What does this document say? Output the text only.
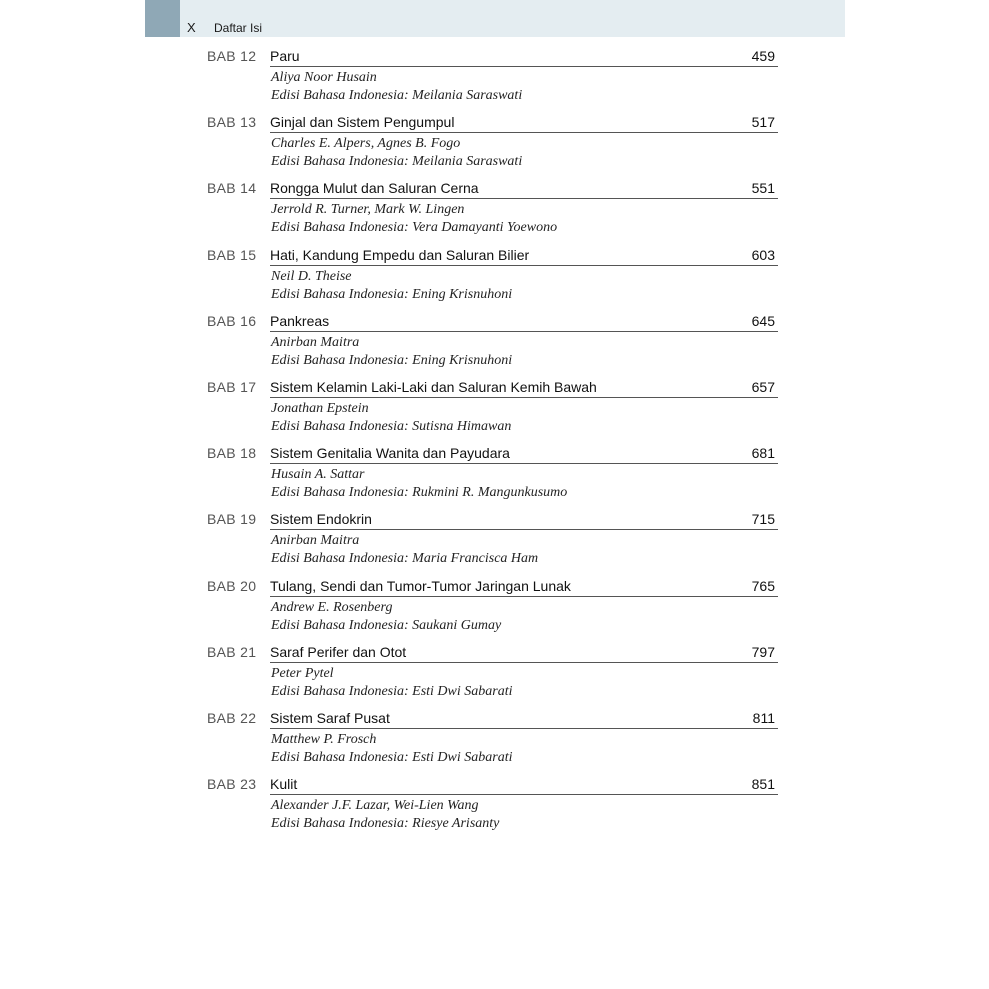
X Daftar Isi
BAB 12 Paru	459
Aliya Noor Husain
Edisi Bahasa Indonesia: Meilania Saraswati
BAB 13 Ginjal dan Sistem Pengumpul	517
Charles E. Alpers, Agnes B. Fogo
Edisi Bahasa Indonesia: Meilania Saraswati
BAB 14 Rongga Mulut dan Saluran Cerna	551
Jerrold R. Turner, Mark W. Lingen
Edisi Bahasa Indonesia: Vera Damayanti Yoewono
BAB 15 Hati, Kandung Empedu dan Saluran Bilier	603
Neil D. Theise
Edisi Bahasa Indonesia: Ening Krisnuhoni
BAB 16 Pankreas	645
Anirban Maitra
Edisi Bahasa Indonesia: Ening Krisnuhoni
BAB 17 Sistem Kelamin Laki-Laki dan Saluran Kemih Bawah	657
Jonathan Epstein
Edisi Bahasa Indonesia: Sutisna Himawan
BAB 18 Sistem Genitalia Wanita dan Payudara	681
Husain A. Sattar
Edisi Bahasa Indonesia: Rukmini R. Mangunkusumo
BAB 19 Sistem Endokrin	715
Anirban Maitra
Edisi Bahasa Indonesia: Maria Francisca Ham
BAB 20 Tulang, Sendi dan Tumor-Tumor Jaringan Lunak	765
Andrew E. Rosenberg
Edisi Bahasa Indonesia: Saukani Gumay
BAB 21 Saraf Perifer dan Otot	797
Peter Pytel
Edisi Bahasa Indonesia: Esti Dwi Sabarati
BAB 22 Sistem Saraf Pusat	811
Matthew P. Frosch
Edisi Bahasa Indonesia: Esti Dwi Sabarati
BAB 23 Kulit	851
Alexander J.F. Lazar, Wei-Lien Wang
Edisi Bahasa Indonesia: Riesye Arisanty
